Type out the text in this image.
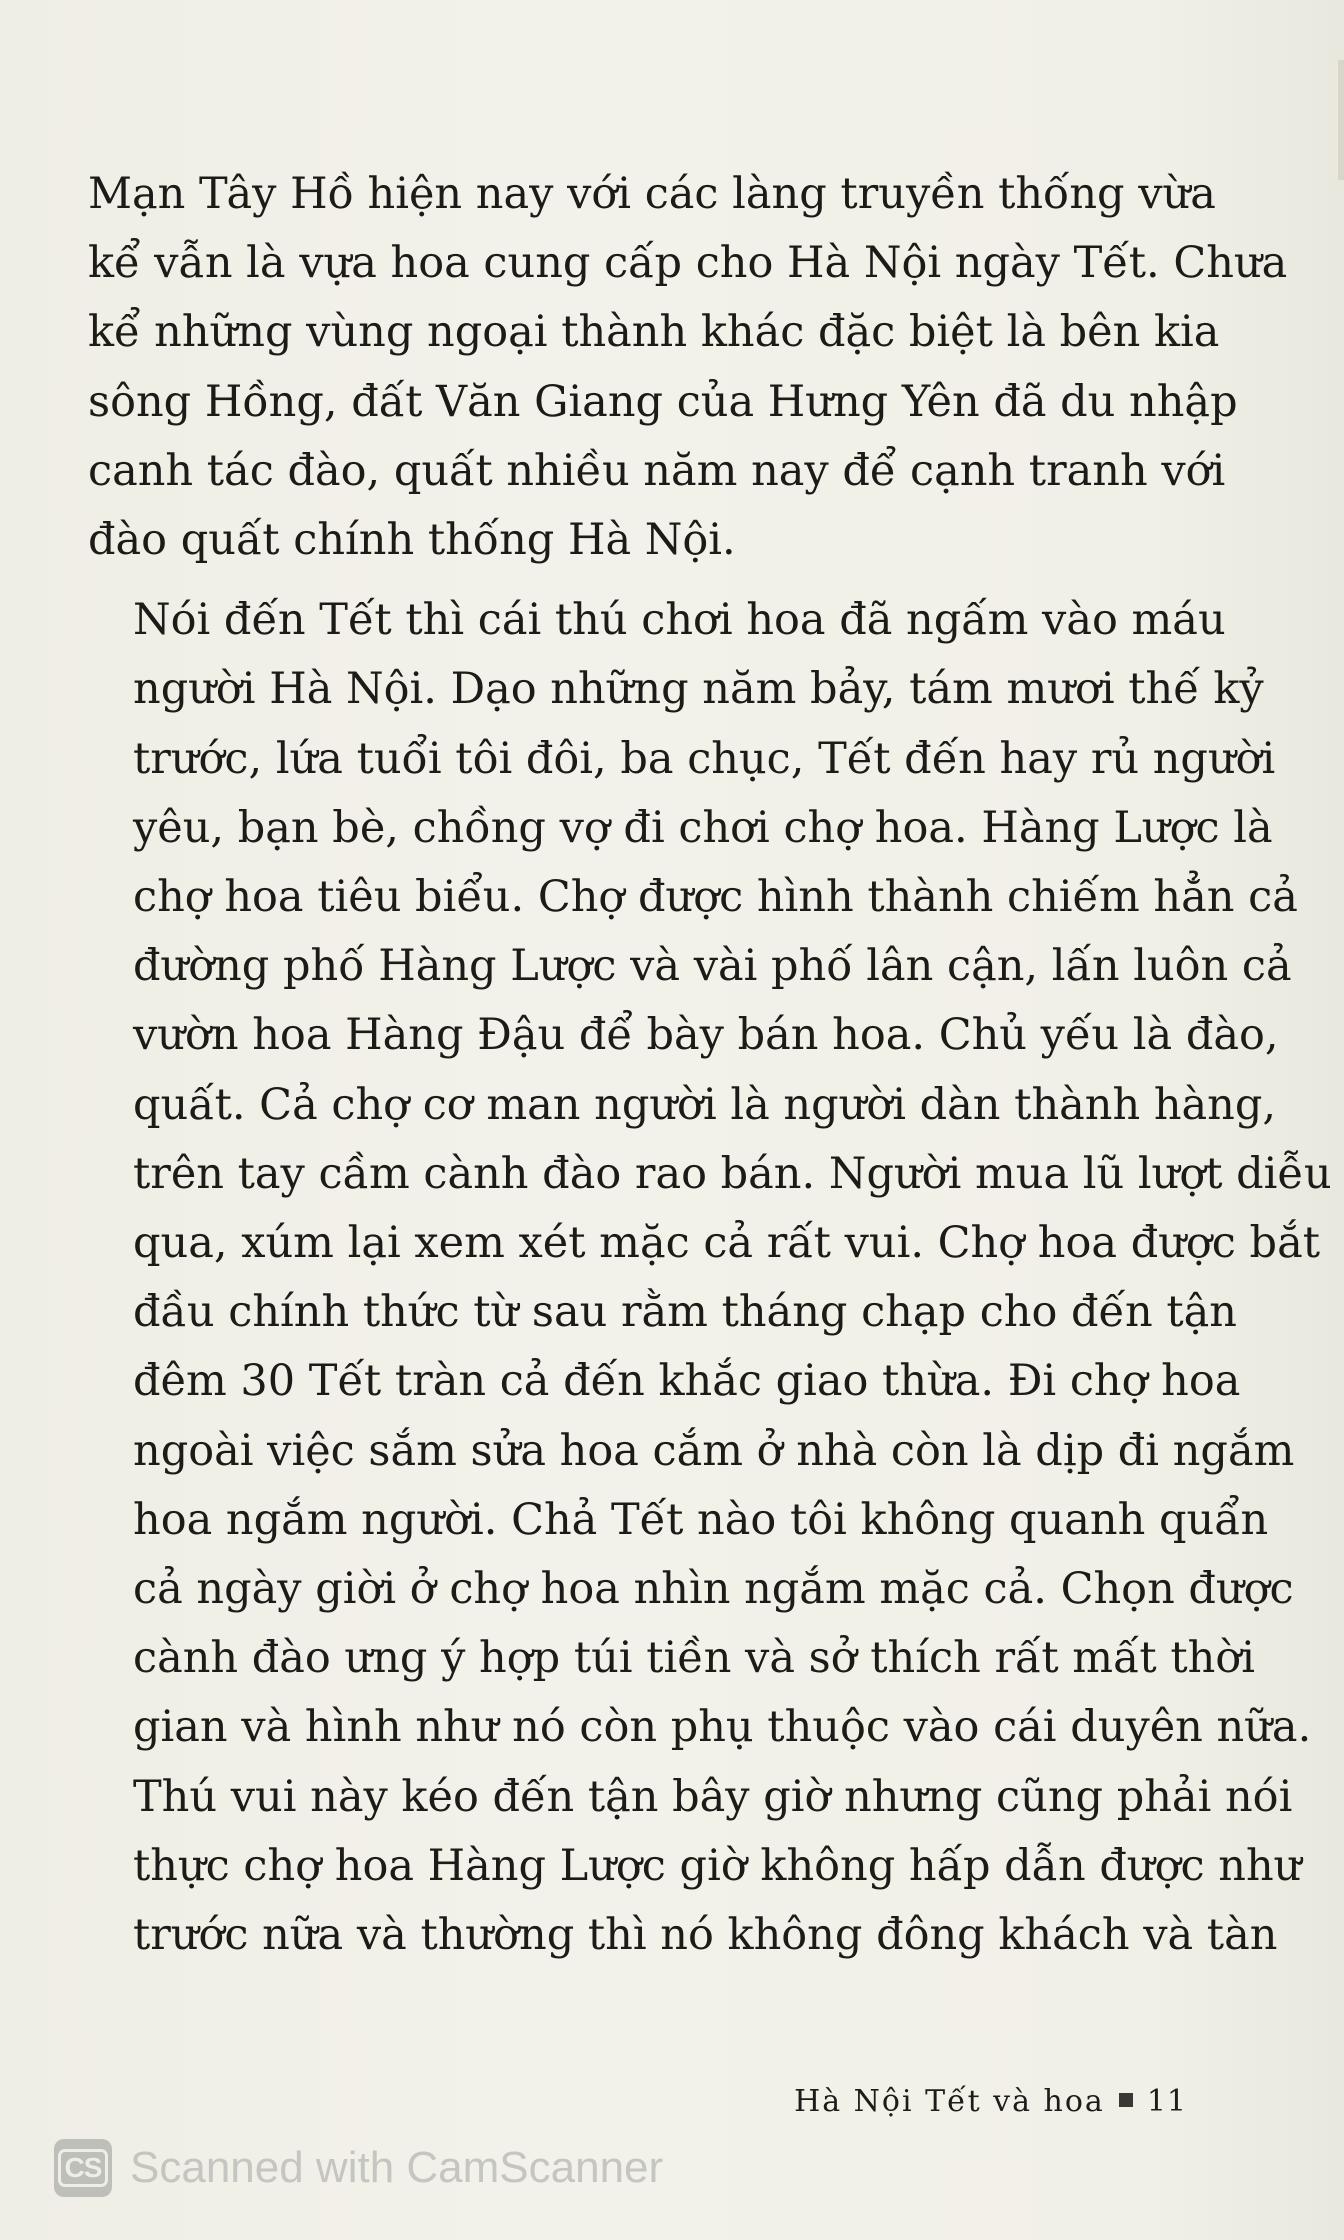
Mạn Tây Hồ hiện nay với các làng truyền thống vừa
kể vẫn là vựa hoa cung cấp cho Hà Nội ngày Tết. Chưa
kể những vùng ngoại thành khác đặc biệt là bên kia
sông Hồng, đất Văn Giang của Hưng Yên đã du nhập
canh tác đào, quất nhiều năm nay để cạnh tranh với
đào quất chính thống Hà Nội.

Nói đến Tết thì cái thú chơi hoa đã ngấm vào máu
người Hà Nội. Dạo những năm bảy, tám mươi thế kỷ
trước, lứa tuổi tôi đôi, ba chục, Tết đến hay rủ người
yêu, bạn bè, chồng vợ đi chơi chợ hoa. Hàng Lược là
chợ hoa tiêu biểu. Chợ được hình thành chiếm hẳn cả
đường phố Hàng Lược và vài phố lân cận, lấn luôn cả
vườn hoa Hàng Đậu để bày bán hoa. Chủ yếu là đào,
quất. Cả chợ cơ man người là người dàn thành hàng,
trên tay cầm cành đào rao bán. Người mua lũ lượt diễu
qua, xúm lại xem xét mặc cả rất vui. Chợ hoa được bắt
đầu chính thức từ sau rằm tháng chạp cho đến tận
đêm 30 Tết tràn cả đến khắc giao thừa. Đi chợ hoa
ngoài việc sắm sửa hoa cắm ở nhà còn là dịp đi ngắm
hoa ngắm người. Chả Tết nào tôi không quanh quẩn
cả ngày giời ở chợ hoa nhìn ngắm mặc cả. Chọn được
cành đào ưng ý hợp túi tiền và sở thích rất mất thời
gian và hình như nó còn phụ thuộc vào cái duyên nữa.
Thú vui này kéo đến tận bây giờ nhưng cũng phải nói
thực chợ hoa Hàng Lược giờ không hấp dẫn được như
trước nữa và thường thì nó không đông khách và tàn

Hà Nội Tết và hoa 11
CS Scanned with CamScanner
